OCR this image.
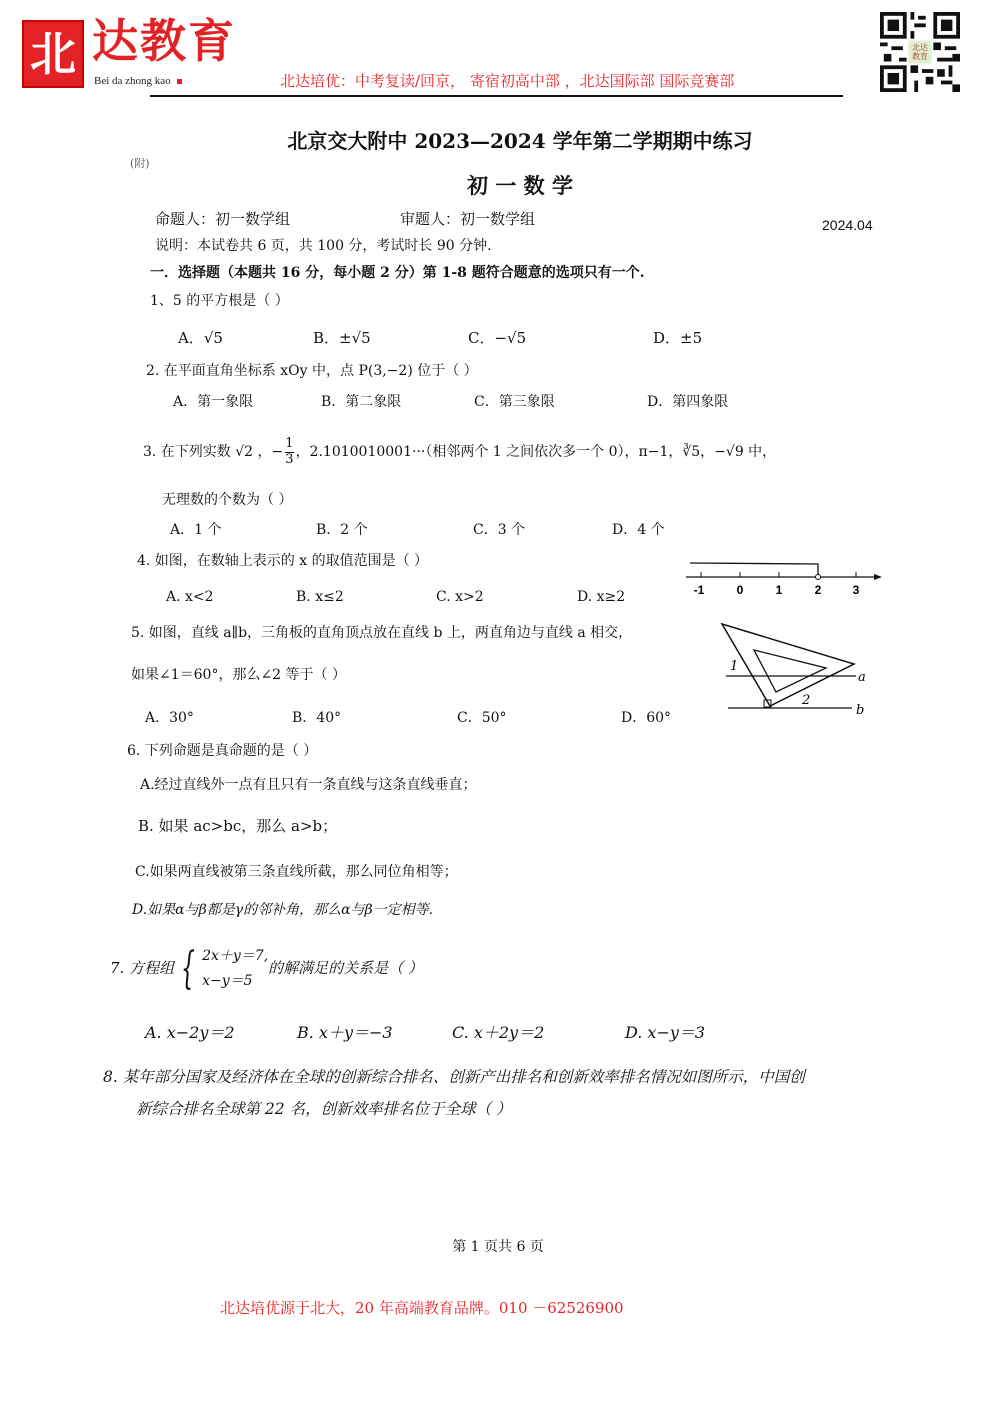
北 达教育
Bei da zhong kao	北达培优：中考复读/回京， 寄宿初高中部 ，北达国际部 国际竞赛部
北达教育
(附)
北京交大附中 2023—2024 学年第二学期期中练习
初 一 数 学
命题人：初一数学组	审题人：初一数学组	2024.04
说明：本试卷共 6 页，共 100 分，考试时长 90 分钟.
一．选择题（本题共 16 分，每小题 2 分）第 1-8 题符合题意的选项只有一个.
1、5 的平方根是（ ）
A．√5	B．±√5	C．−√5	D．±5
2. 在平面直角坐标系 xOy 中，点 P(3,−2) 位于（ ）
A．第一象限	B．第二象限	C．第三象限	D．第四象限
3. 在下列实数 √2 ，− $\frac{1}{3}$ ，2.1010010001···（相邻两个 1 之间依次多一个 0），π−1，∛5，−√9 中，
无理数的个数为（ ）
A．1 个	B．2 个	C．3 个	D．4 个
4. 如图，在数轴上表示的 x 的取值范围是（ ）
A. x<2	B. x≤2	C. x>2	D. x≥2	-1	0	1	2	3
5. 如图，直线 a∥b，三角板的直角顶点放在直线 b 上，两直角边与直线 a 相交，
如果∠1＝60°，那么∠2 等于（ ）
A．30°	B．40°	C．50°	D．60°
1
2
a
b
6. 下列命题是真命题的是（ ）
A.经过直线外一点有且只有一条直线与这条直线垂直；
B. 如果 ac>bc，那么 a>b；
C.如果两直线被第三条直线所截，那么同位角相等；
D.如果α与β都是γ的邻补角，那么α与β一定相等.
7. 方程组 { 2x＋y＝7,
x−y＝5
的解满足的关系是（ ）
A. x−2y＝2	B. x＋y＝−3	C. x＋2y＝2	D. x−y＝3
8. 某年部分国家及经济体在全球的创新综合排名、创新产出排名和创新效率排名情况如图所示，中国创
新综合排名全球第 22 名，创新效率排名位于全球（ ）
第 1 页共 6 页
北达培优源于北大，20 年高端教育品牌。010 －62526900
